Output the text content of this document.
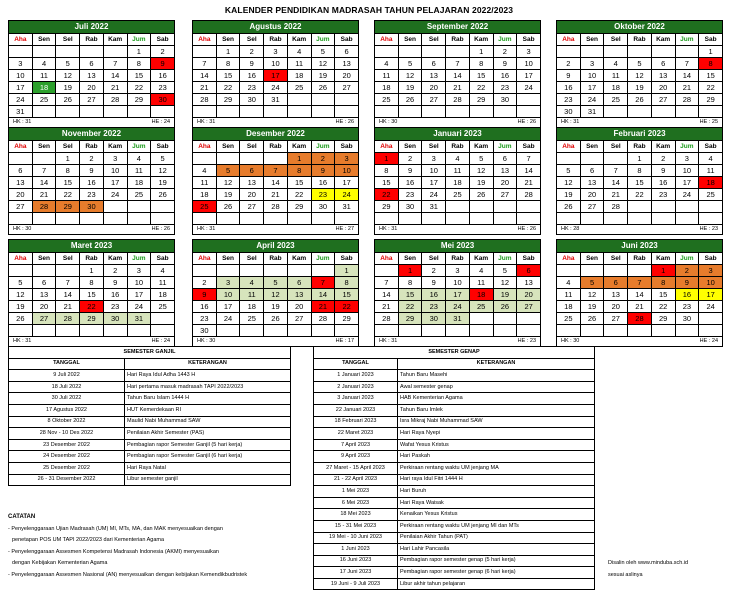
KALENDER PENDIDIKAN MADRASAH TAHUN PELAJARAN 2022/2023
Juli 2022
Aha	Sen	Sel	Rab	Kam	Jum	Sab
					1	2
3	4	5	6	7	8	9
10	11	12	13	14	15	16
17	18	19	20	21	22	23
24	25	26	27	28	29	30
31						
HK : 31	HE : 24
Agustus 2022
Aha	Sen	Sel	Rab	Kam	Jum	Sab
	1	2	3	4	5	6
7	8	9	10	11	12	13
14	15	16	17	18	19	20
21	22	23	24	25	26	27
28	29	30	31			

HK : 31	HE : 26
September 2022
Aha	Sen	Sel	Rab	Kam	Jum	Sab
				1	2	3
4	5	6	7	8	9	10
11	12	13	14	15	16	17
18	19	20	21	22	23	24
25	26	27	28	29	30	

HK : 30	HE : 26
Oktober 2022
Aha	Sen	Sel	Rab	Kam	Jum	Sab
						1
2	3	4	5	6	7	8
9	10	11	12	13	14	15
16	17	18	19	20	21	22
23	24	25	26	27	28	29
30	31					
HK : 31	HE : 25
November 2022
Aha	Sen	Sel	Rab	Kam	Jum	Sab
		1	2	3	4	5
6	7	8	9	10	11	12
13	14	15	16	17	18	19
20	21	22	23	24	25	26
27	28	29	30			

HK : 30	HE : 26
Desember 2022
Aha	Sen	Sel	Rab	Kam	Jum	Sab
				1	2	3
4	5	6	7	8	9	10
11	12	13	14	15	16	17
18	19	20	21	22	23	24
25	26	27	28	29	30	31

HK : 31	HE : 27
Januari 2023
Aha	Sen	Sel	Rab	Kam	Jum	Sab
1	2	3	4	5	6	7
8	9	10	11	12	13	14
15	16	17	18	19	20	21
22	23	24	25	26	27	28
29	30	31				

HK : 31	HE : 26
Februari 2023
Aha	Sen	Sel	Rab	Kam	Jum	Sab
			1	2	3	4
5	6	7	8	9	10	11
12	13	14	15	16	17	18
19	20	21	22	23	24	25
26	27	28				

HK : 28	HE : 23
Maret 2023
Aha	Sen	Sel	Rab	Kam	Jum	Sab
			1	2	3	4
5	6	7	8	9	10	11
12	13	14	15	16	17	18
19	20	21	22	23	24	25
26	27	28	29	30	31	

HK : 31	HE : 24
April 2023
Aha	Sen	Sel	Rab	Kam	Jum	Sab
						1
2	3	4	5	6	7	8
9	10	11	12	13	14	15
16	17	18	19	20	21	22
23	24	25	26	27	28	29
30						
HK : 30	HE : 17
Mei 2023
Aha	Sen	Sel	Rab	Kam	Jum	Sab
	1	2	3	4	5	6
7	8	9	10	11	12	13
14	15	16	17	18	19	20
21	22	23	24	25	26	27
28	29	30	31			

HK : 31	HE : 23
Juni 2023
Aha	Sen	Sel	Rab	Kam	Jum	Sab
				1	2	3
4	5	6	7	8	9	10
11	12	13	14	15	16	17
18	19	20	21	22	23	24
25	26	27	28	29	30	

HK : 30	HE : 24
SEMESTER GANJIL	
TANGGAL	KETERANGAN
9 Juli 2022	Hari Raya Idul Adha 1443 H
18 Juli 2022	Hari pertama masuk madrasah TAPI 2022/2023
30 Juli 2022	Tahun Baru Islam 1444 H
17 Agustus 2022	HUT Kemerdekaan RI
8 Oktober 2022	Maulid Nabi Muhammad SAW
28 Nov - 10 Des 2022	Penilaian Akhir Semester (PAS)
23 Desember 2022	Pembagian rapor Semester Ganjil (5 hari kerja)
24 Desember 2022	Pembagian rapor Semester Ganjil (6 hari kerja)
25 Desember 2022	Hari Raya Natal
26 - 31 Desember 2022	Libur semester ganjil
SEMESTER GENAP	
TANGGAL	KETERANGAN
1 Januari 2023	Tahun Baru Masehi
2 Januari 2023	Awal semester genap
3 Januari 2023	HAB Kementerian Agama
22 Januari 2023	Tahun Baru Imlek
18 Februari 2023	Isra Mikraj Nabi Muhammad SAW
22 Maret 2023	Hari Raya Nyepi
7 April 2023	Wafat Yesus Kristus
9 April 2023	Hari Paskah
27 Maret - 15 April 2023	Perkiraan rentang waktu UM jenjang MA
21 - 22 April 2023	Hari raya Idul Fitri 1444 H
1 Mei 2023	Hari Buruh
6 Mei 2023	Hari Raya Waisak
18 Mei 2023	Kenaikan Yesus Kristus
15 - 31 Mei 2023	Perkiraan rentang waktu UM jenjang MI dan MTs
19 Mei - 10 Juni 2023	Penilaian Akhir Tahun (PAT)
1 Juni 2023	Hari Lahir Pancasila
16 Juni 2023	Pembagian rapor semester genap (5 hari kerja)
17 Juni 2023	Pembagian rapor semester genap (6 hari kerja)
19 Juni - 9 Juli 2023	Libur akhir tahun pelajaran
CATATAN
- Penyelenggaraan Ujian Madrasah (UM) MI, MTs, MA, dan MAK menyesuaikan dengan
penetapan POS UM TAPI 2022/2023 dari Kementerian Agama
- Penyelenggaraan Assesmen Kompetensi Madrasah Indonesia (AKMI) menyesuaikan
dengan Kebijakan Kementerian Agama
- Penyelenggaraan Assesmen Nasional (AN) menyesuaikan dengan kebijakan Kemendikbudristek
Disalin oleh www.minduba.sch.id
sesuai aslinya
